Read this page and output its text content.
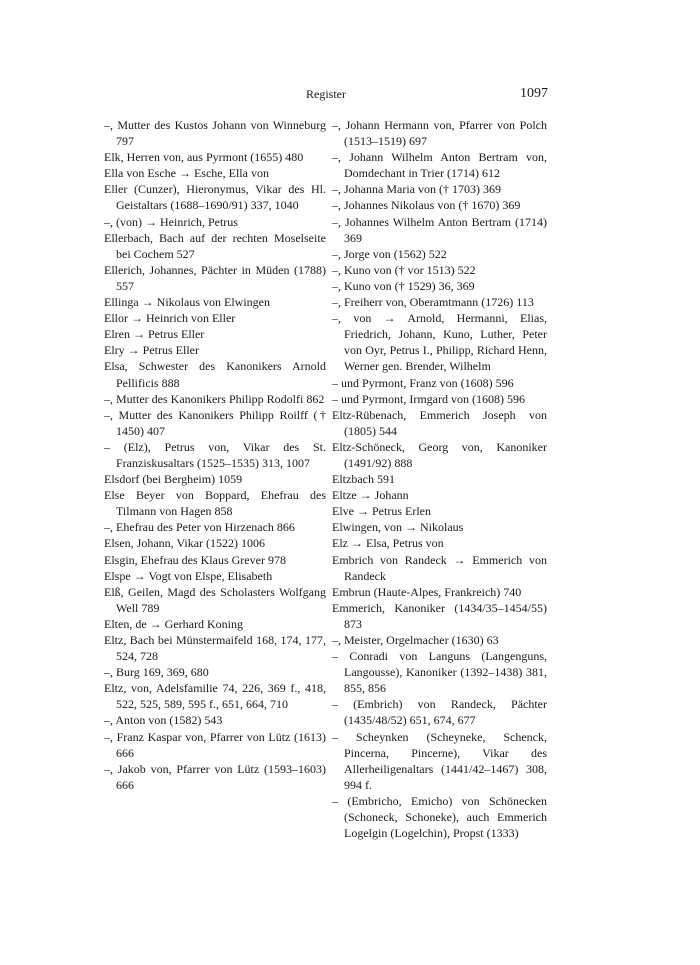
Register	1097

–, Mutter des Kustos Johann von Winneburg 797

Elk, Herren von, aus Pyrmont (1655) 480

Ella von Esche → Esche, Ella von

Eller (Cunzer), Hieronymus, Vikar des Hl. Geistaltars (1688–1690/91) 337, 1040

–, (von) → Heinrich, Petrus

Ellerbach, Bach auf der rechten Moselseite bei Cochem 527

Ellerich, Johannes, Pächter in Müden (1788) 557

Ellinga → Nikolaus von Elwingen

Ellor → Heinrich von Eller

Elren → Petrus Eller

Elry → Petrus Eller

Elsa, Schwester des Kanonikers Arnold Pellificis 888

–, Mutter des Kanonikers Philipp Rodolfi 862

–, Mutter des Kanonikers Philipp Roilff († 1450) 407

– (Elz), Petrus von, Vikar des St. Franziskusaltars (1525–1535) 313, 1007

Elsdorf (bei Bergheim) 1059

Else Beyer von Boppard, Ehefrau des Tilmann von Hagen 858

–, Ehefrau des Peter von Hirzenach 866

Elsen, Johann, Vikar (1522) 1006

Elsgin, Ehefrau des Klaus Grever 978

Elspe → Vogt von Elspe, Elisabeth

Elß, Geilen, Magd des Scholasters Wolfgang Well 789

Elten, de → Gerhard Koning

Eltz, Bach bei Münstermaifeld 168, 174, 177, 524, 728

–, Burg 169, 369, 680

Eltz, von, Adelsfamilie 74, 226, 369 f., 418, 522, 525, 589, 595 f., 651, 664, 710

–, Anton von (1582) 543

–, Franz Kaspar von, Pfarrer von Lütz (1613) 666

–, Jakob von, Pfarrer von Lütz (1593–1603) 666

–, Johann Hermann von, Pfarrer von Polch (1513–1519) 697

–, Johann Wilhelm Anton Bertram von, Domdechant in Trier (1714) 612

–, Johanna Maria von († 1703) 369

–, Johannes Nikolaus von († 1670) 369

–, Johannes Wilhelm Anton Bertram (1714) 369

–, Jorge von (1562) 522

–, Kuno von († vor 1513) 522

–, Kuno von († 1529) 36, 369

–, Freiherr von, Oberamtmann (1726) 113

–, von → Arnold, Hermanni, Elias, Friedrich, Johann, Kuno, Luther, Peter von Oyr, Petrus I., Philipp, Richard Henn, Werner gen. Brender, Wilhelm

– und Pyrmont, Franz von (1608) 596

– und Pyrmont, Irmgard von (1608) 596

Eltz-Rübenach, Emmerich Joseph von (1805) 544

Eltz-Schöneck, Georg von, Kanoniker (1491/92) 888

Eltzbach 591

Eltze → Johann

Elve → Petrus Erlen

Elwingen, von → Nikolaus

Elz → Elsa, Petrus von

Embrich von Randeck → Emmerich von Randeck

Embrun (Haute-Alpes, Frankreich) 740

Emmerich, Kanoniker (1434/35–1454/55) 873

–, Meister, Orgelmacher (1630) 63

– Conradi von Languns (Langenguns, Langousse), Kanoniker (1392–1438) 381, 855, 856

– (Embrich) von Randeck, Pächter (1435/48/52) 651, 674, 677

– Scheynken (Scheyneke, Schenck, Pincerna, Pincerne), Vikar des Allerheiligenaltars (1441/42–1467) 308, 994 f.

– (Embricho, Emicho) von Schönecken (Schoneck, Schoneke), auch Emmerich Logelgin (Logelchin), Propst (1333)
